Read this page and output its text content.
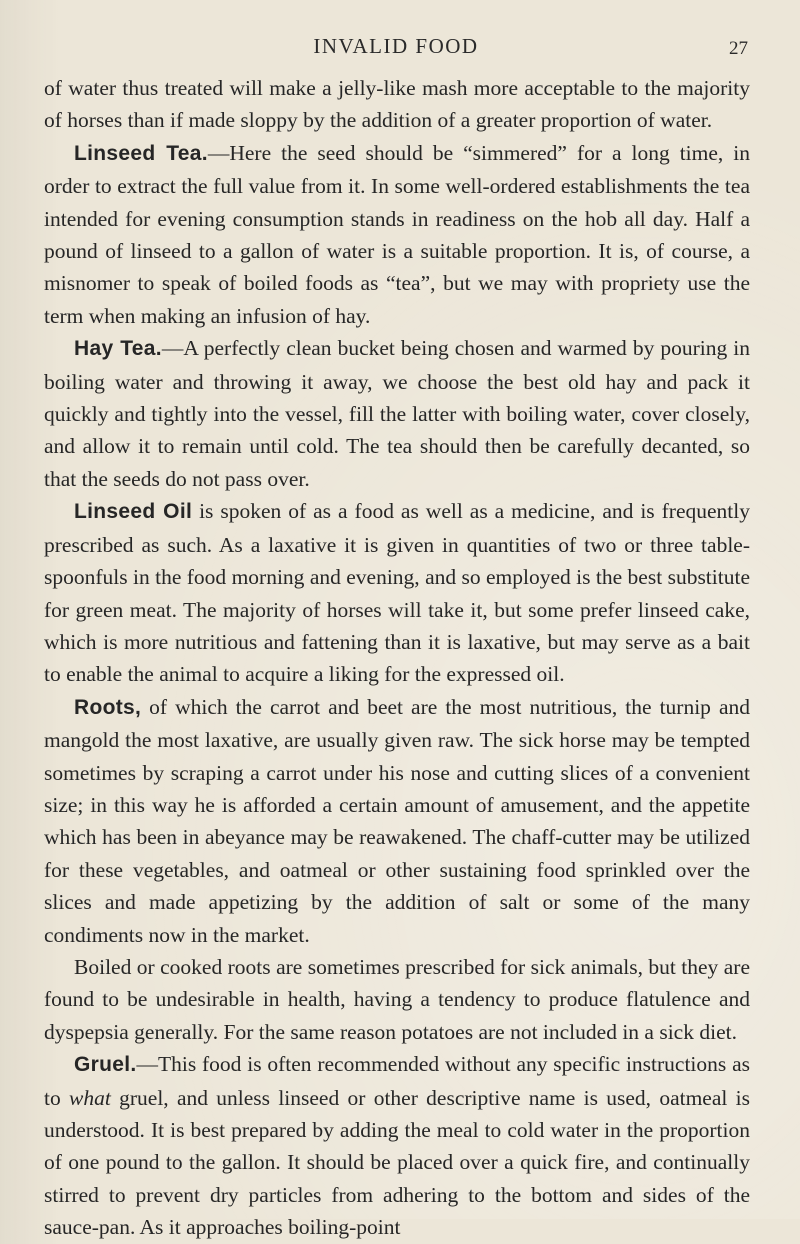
INVALID FOOD	27

of water thus treated will make a jelly-like mash more acceptable to the majority of horses than if made sloppy by the addition of a greater proportion of water.

Linseed Tea.—Here the seed should be “simmered” for a long time, in order to extract the full value from it. In some well-ordered establishments the tea intended for evening consumption stands in readiness on the hob all day. Half a pound of linseed to a gallon of water is a suitable proportion. It is, of course, a misnomer to speak of boiled foods as “tea”, but we may with propriety use the term when making an infusion of hay.

Hay Tea.—A perfectly clean bucket being chosen and warmed by pouring in boiling water and throwing it away, we choose the best old hay and pack it quickly and tightly into the vessel, fill the latter with boiling water, cover closely, and allow it to remain until cold. The tea should then be carefully decanted, so that the seeds do not pass over.

Linseed Oil is spoken of as a food as well as a medicine, and is frequently prescribed as such. As a laxative it is given in quantities of two or three table-spoonfuls in the food morning and evening, and so employed is the best substitute for green meat. The majority of horses will take it, but some prefer linseed cake, which is more nutritious and fattening than it is laxative, but may serve as a bait to enable the animal to acquire a liking for the expressed oil.

Roots, of which the carrot and beet are the most nutritious, the turnip and mangold the most laxative, are usually given raw. The sick horse may be tempted sometimes by scraping a carrot under his nose and cutting slices of a convenient size; in this way he is afforded a certain amount of amusement, and the appetite which has been in abeyance may be reawakened. The chaff-cutter may be utilized for these vegetables, and oatmeal or other sustaining food sprinkled over the slices and made appetizing by the addition of salt or some of the many condiments now in the market.

Boiled or cooked roots are sometimes prescribed for sick animals, but they are found to be undesirable in health, having a tendency to produce flatulence and dyspepsia generally. For the same reason potatoes are not included in a sick diet.

Gruel.—This food is often recommended without any specific instructions as to what gruel, and unless linseed or other descriptive name is used, oatmeal is understood. It is best prepared by adding the meal to cold water in the proportion of one pound to the gallon. It should be placed over a quick fire, and continually stirred to prevent dry particles from adhering to the bottom and sides of the sauce-pan. As it approaches boiling-point
